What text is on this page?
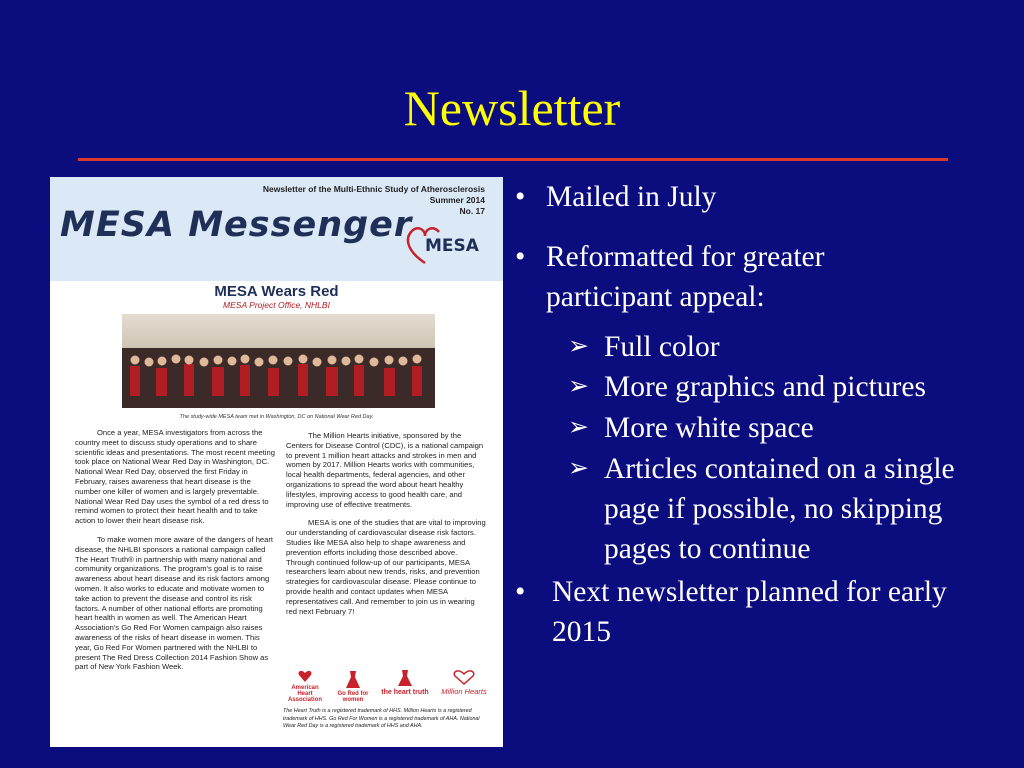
Newsletter
Newsletter of the Multi-Ethnic Study of Atherosclerosis
Summer 2014
No. 17
MESA Messenger
MESA
MESA Wears Red
MESA Project Office, NHLBI
The study-wide MESA team met in Washington, DC on National Wear Red Day.

Once a year, MESA investigators from across the country meet to discuss study operations and to share scientific ideas and presentations. The most recent meeting took place on National Wear Red Day in Washington, DC. National Wear Red Day, observed the first Friday in February, raises awareness that heart disease is the number one killer of women and is largely preventable. National Wear Red Day uses the symbol of a red dress to remind women to protect their heart health and to take action to lower their heart disease risk.

To make women more aware of the dangers of heart disease, the NHLBI sponsors a national campaign called The Heart Truth® in partnership with many national and community organizations. The program's goal is to raise awareness about heart disease and its risk factors among women. It also works to educate and motivate women to take action to prevent the disease and control its risk factors. A number of other national efforts are promoting heart health in women as well. The American Heart Association's Go Red For Women campaign also raises awareness of the risks of heart disease in women. This year, Go Red For Women partnered with the NHLBI to present The Red Dress Collection 2014 Fashion Show as part of New York Fashion Week.

The Million Hearts initiative, sponsored by the Centers for Disease Control (CDC), is a national campaign to prevent 1 million heart attacks and strokes in men and women by 2017. Million Hearts works with communities, local health departments, federal agencies, and other organizations to spread the word about heart healthy lifestyles, improving access to good health care, and improving use of effective treatments.

MESA is one of the studies that are vital to improving our understanding of cardiovascular disease risk factors. Studies like MESA also help to shape awareness and prevention efforts including those described above. Through continued follow-up of our participants, MESA researchers learn about new trends, risks, and prevention strategies for cardiovascular disease. Please continue to provide health and contact updates when MESA representatives call. And remember to join us in wearing red next February 7!

American Heart Association
Go Red for women
the heart truth	Million Hearts
The Heart Truth is a registered trademark of HHS. Million Hearts is a registered trademark of HHS. Go Red For Women is a registered trademark of AHA. National Wear Red Day is a registered trademark of HHS and AHA.
• Mailed in July
• Reformatted for greater participant appeal:
➢ Full color
➢ More graphics and pictures
➢ More white space
➢ Articles contained on a single page if possible, no skipping pages to continue
• Next newsletter planned for early 2015
